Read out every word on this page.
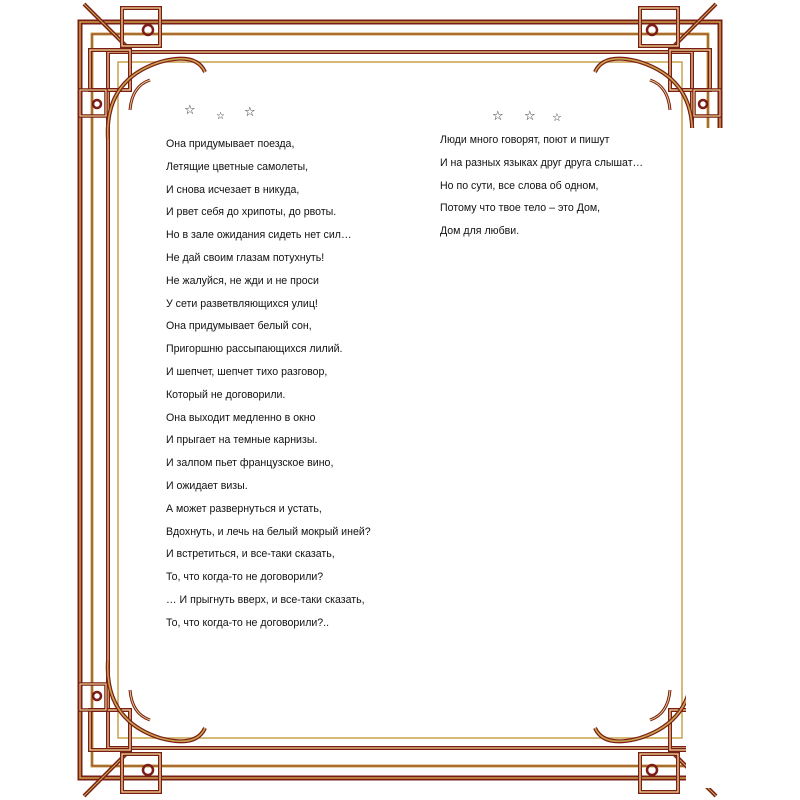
☆ ☆ ☆	☆ ☆ ☆
Она придумывает поезда,
Летящие цветные самолеты,
И снова исчезает в никуда,
И рвет себя до хрипоты, до рвоты.
Но в зале ожидания сидеть нет сил…
Не дай своим глазам потухнуть!
Не жалуйся, не жди и не проси
У сети разветвляющихся улиц!
Она придумывает белый сон,
Пригоршню рассыпающихся лилий.
И шепчет, шепчет тихо разговор,
Который не договорили.
Она выходит медленно в окно
И прыгает на темные карнизы.
И залпом пьет французское вино,
И ожидает визы.
А может развернуться и устать,
Вдохнуть, и лечь на белый мокрый иней?
И встретиться, и все-таки сказать,
То, что когда-то не договорили?
… И прыгнуть вверх, и все-таки сказать,
То, что когда-то не договорили?..
Люди много говорят, поют и пишут
И на разных языках друг друга слышат…
Но по сути, все слова об одном,
Потому что твое тело – это Дом,
Дом для любви.
